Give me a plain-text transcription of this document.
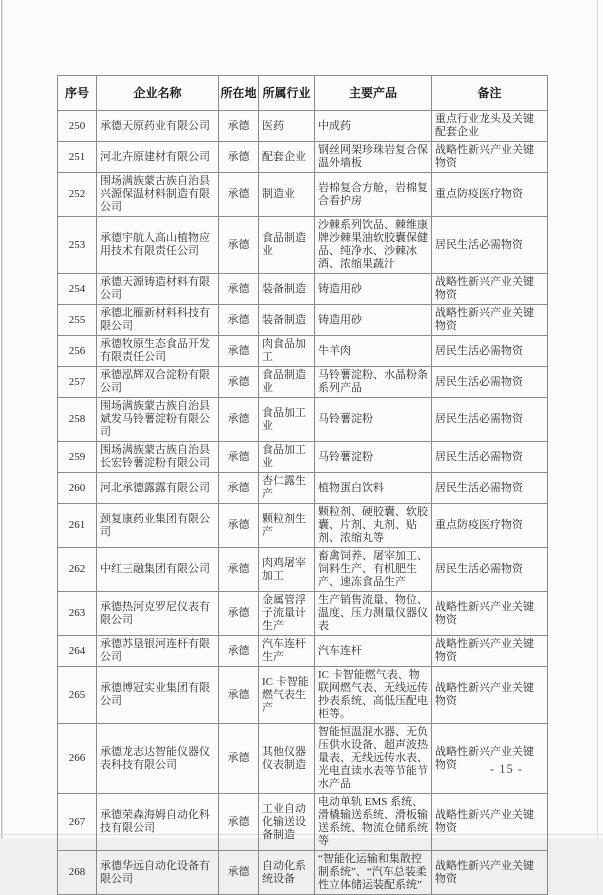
序号	企业名称	所在地	所属行业	主要产品	备注
250	承德天原药业有限公司	承德	医药	中成药	重点行业龙头及关键配套企业
251	河北卉原建材有限公司	承德	配套企业	钢丝网架珍珠岩复合保温外墙板	战略性新兴产业关键物资
252	围场满族蒙古族自治县兴源保温材料制造有限公司	承德	制造业	岩棉复合方舱，岩棉复合看护房	重点防疫医疗物资
253	承德宇航人高山植物应用技术有限责任公司	承德	食品制造业	沙棘系列饮品、棘维康牌沙棘果油软胶囊保健品、纯净水、沙棘冰酒、浓缩果蔬汁	居民生活必需物资
254	承德天源铸造材料有限公司	承德	装备制造	铸造用砂	战略性新兴产业关键物资
255	承德北雁新材料科技有限公司	承德	装备制造	铸造用砂	战略性新兴产业关键物资
256	承德牧原生态食品开发有限责任公司	承德	肉食品加工	牛羊肉	居民生活必需物资
257	承德泓辉双合淀粉有限公司	承德	食品制造业	马铃薯淀粉、水晶粉条系列产品	居民生活必需物资
258	围场满族蒙古族自治县斌发马铃薯淀粉有限公司	承德	食品加工业	马铃薯淀粉	居民生活必需物资
259	围场满族蒙古族自治县长宏铃薯淀粉有限公司	承德	食品加工业	马铃薯淀粉	居民生活必需物资
260	河北承德露露有限公司	承德	杏仁露生产	植物蛋白饮料	居民生活必需物资
261	颈复康药业集团有限公司	承德	颗粒剂生产	颗粒剂、硬胶囊、软胶囊、片剂、丸剂、贴剂、浓缩丸等	重点防疫医疗物资
262	中红三融集团有限公司	承德	肉鸡屠宰加工	畜禽饲养、屠宰加工、饲料生产、有机肥生产、速冻食品生产	居民生活必需物资
263	承德热河克罗尼仪表有限公司	承德	金属管浮子流量计生产	生产销售流量、物位、温度、压力测量仪器仪表	战略性新兴产业关键物资
264	承德苏垦银河连杆有限公司	承德	汽车连杆生产	汽车连杆	战略性新兴产业关键物资
265	承德博冠实业集团有限公司	承德	IC 卡智能燃气表生产	IC 卡智能燃气表、物联网燃气表、无线远传抄表系统、高低压配电柜等。	战略性新兴产业关键物资
266	承德龙志达智能仪器仪表科技有限公司	承德	其他仪器仪表制造	智能恒温混水器、无负压供水设备、超声波热量表、无线远传水表、光电直读水表等节能节水产品	战略性新兴产业关键物资
267	承德荣森海姆自动化科技有限公司	承德	工业自动化输送设备制造	电动单轨 EMS 系统、滑橇输送系统、滑板输送系统、物流仓储系统等	战略性新兴产业关键物资
268	承德华远自动化设备有限公司	承德	自动化系统设备	“智能化运输和集散控制系统”、“汽车总装柔性立体储运装配系统”	战略性新兴产业关键物资
- 15 -
